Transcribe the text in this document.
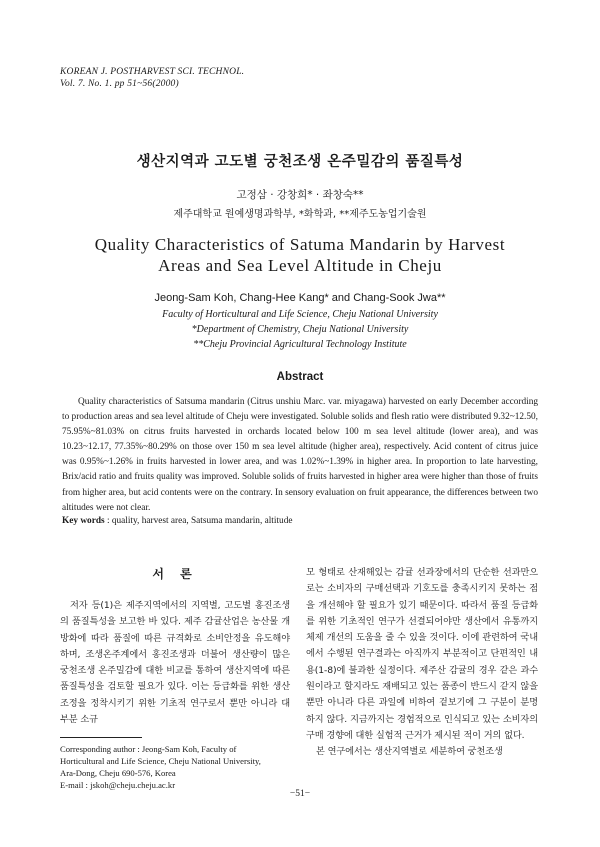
KOREAN J. POSTHARVEST SCI. TECHNOL.
Vol. 7. No. 1. pp 51~56(2000)
생산지역과 고도별 궁천조생 온주밀감의 품질특성
고정삼 · 강창희* · 좌창숙**
제주대학교 원예생명과학부, *화학과, **제주도농업기술원
Quality Characteristics of Satuma Mandarin by Harvest
Areas and Sea Level Altitude in Cheju
Jeong-Sam Koh, Chang-Hee Kang* and Chang-Sook Jwa**
Faculty of Horticultural and Life Science, Cheju National University
*Department of Chemistry, Cheju National University
**Cheju Provincial Agricultural Technology Institute
Abstract

Quality characteristics of Satsuma mandarin (Citrus unshiu Marc. var. miyagawa) harvested on early December according to production areas and sea level altitude of Cheju were investigated. Soluble solids and flesh ratio were distributed 9.32~12.50, 75.95%~81.03% on citrus fruits harvested in orchards located below 100 m sea level altitude (lower area), and was 10.23~12.17, 77.35%~80.29% on those over 150 m sea level altitude (higher area), respectively. Acid content of citrus juice was 0.95%~1.26% in fruits harvested in lower area, and was 1.02%~1.39% in higher area. In proportion to late harvesting, Brix/acid ratio and fruits quality was improved. Soluble solids of fruits harvested in higher area were higher than those of fruits from higher area, but acid contents were on the contrary. In sensory evaluation on fruit appearance, the differences between two altitudes were not clear.

Key words : quality, harvest area, Satsuma mandarin, altitude
서 론

저자 등(1)은 제주지역에서의 지역별, 고도별 홍진조생의 품질특성을 보고한 바 있다. 제주 감귤산업은 농산물 개방화에 따라 품질에 따른 규격화로 소비안정을 유도해야 하며, 조생온주계에서 홍진조생과 더불어 생산량이 많은 궁천조생 온주밀감에 대한 비교를 통하여 생산지역에 따른 품질특성을 검토할 필요가 있다. 이는 등급화를 위한 생산조정을 정착시키기 위한 기초적 연구로서 뿐만 아니라 대부분 소규

모 형태로 산재해있는 감귤 선과장에서의 단순한 선과만으로는 소비자의 구매선택과 기호도를 충족시키지 못하는 점을 개선해야 할 필요가 있기 때문이다. 따라서 품질 등급화를 위한 기초적인 연구가 선결되어야만 생산에서 유통까지 체제 개선의 도움을 줄 수 있을 것이다. 이에 관련하여 국내에서 수행된 연구결과는 아직까지 부분적이고 단편적인 내용(1-8)에 불과한 실정이다. 제주산 감귤의 경우 같은 과수원이라고 할지라도 재배되고 있는 품종이 반드시 같지 않을 뿐만 아니라 다른 과일에 비하여 겉보기에 그 구분이 분명하지 않다. 지금까지는 경험적으로 인식되고 있는 소비자의 구매 경향에 대한 실험적 근거가 제시된 적이 거의 없다.

본 연구에서는 생산지역별로 세분하여 궁천조생

Corresponding author : Jeong-Sam Koh, Faculty of
Horticultural and Life Science, Cheju National University,
Ara-Dong, Cheju 690-576, Korea
E-mail : jskoh@cheju.cheju.ac.kr
−51−
